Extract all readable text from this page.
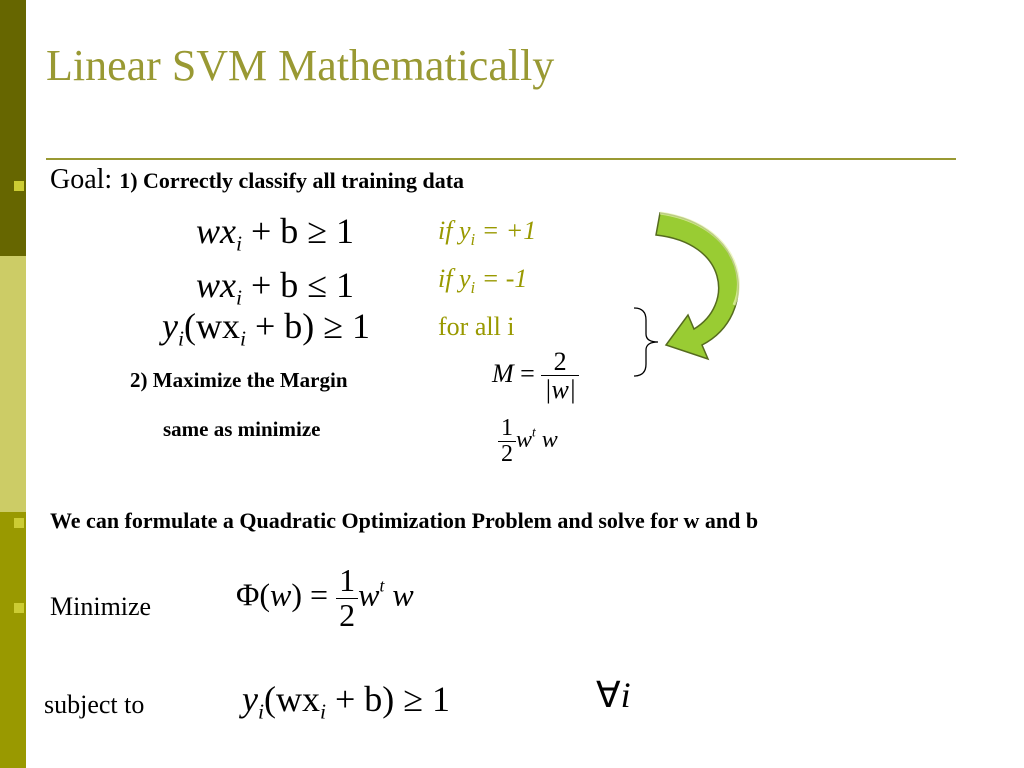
Linear SVM Mathematically
Goal: 1) Correctly classify all training data
$wx_i + b \ge 1$	if $y_i = +1$
$wx_i + b \le 1$	if $y_i = -1$
$y_i(wx_i + b) \ge 1$	for all i
2) Maximize the Margin
same as minimize
$M = \frac{2}{|w|}$
$\frac{1}{2} w^t$ w
We can formulate a Quadratic Optimization Problem and solve for w and b
Minimize	$\Phi(w) = \frac{1}{2} w^t$ w
subject to	$y_i(wx_i + b) \ge 1$	∀i
